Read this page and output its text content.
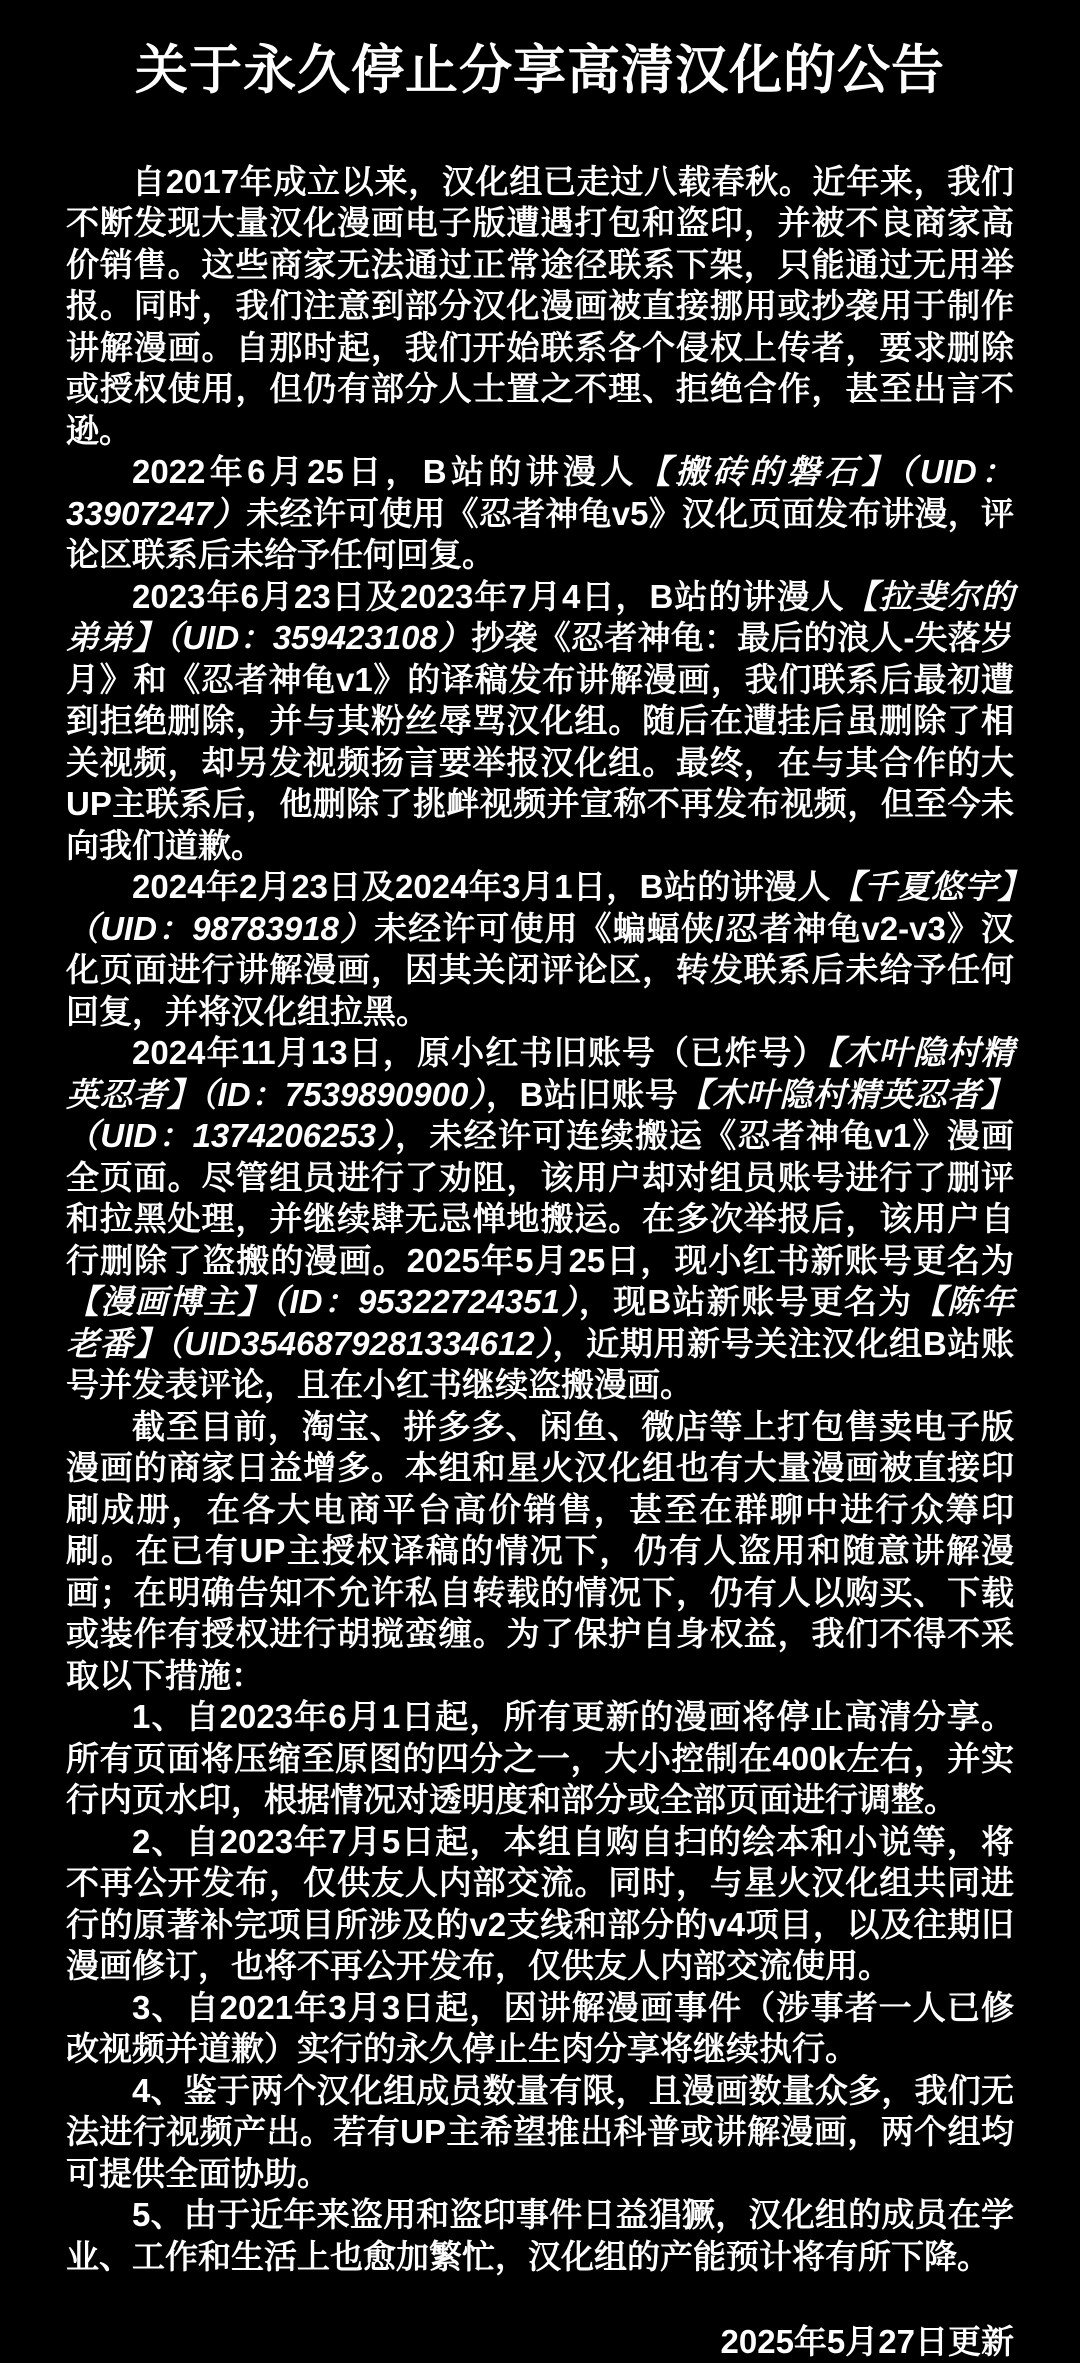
关于永久停止分享高清汉化的公告

自2017年成立以来，汉化组已走过八载春秋。近年来，我们不断发现大量汉化漫画电子版遭遇打包和盗印，并被不良商家高价销售。这些商家无法通过正常途径联系下架，只能通过无用举报。同时，我们注意到部分汉化漫画被直接挪用或抄袭用于制作讲解漫画。自那时起，我们开始联系各个侵权上传者，要求删除或授权使用，但仍有部分人士置之不理、拒绝合作，甚至出言不逊。

2022年6月25日，B站的讲漫人【搬砖的磐石】（UID：33907247）未经许可使用《忍者神龟v5》汉化页面发布讲漫，评论区联系后未给予任何回复。

2023年6月23日及2023年7月4日，B站的讲漫人【拉斐尔的弟弟】（UID：359423108）抄袭《忍者神龟：最后的浪人-失落岁月》和《忍者神龟v1》的译稿发布讲解漫画，我们联系后最初遭到拒绝删除，并与其粉丝辱骂汉化组。随后在遭挂后虽删除了相关视频，却另发视频扬言要举报汉化组。最终，在与其合作的大UP主联系后，他删除了挑衅视频并宣称不再发布视频，但至今未向我们道歉。

2024年2月23日及2024年3月1日，B站的讲漫人【千夏悠宇】（UID：98783918）未经许可使用《蝙蝠侠/忍者神龟v2-v3》汉化页面进行讲解漫画，因其关闭评论区，转发联系后未给予任何回复，并将汉化组拉黑。

2024年11月13日，原小红书旧账号（已炸号）【木叶隐村精英忍者】（ID：7539890900），B站旧账号【木叶隐村精英忍者】（UID：1374206253），未经许可连续搬运《忍者神龟v1》漫画全页面。尽管组员进行了劝阻，该用户却对组员账号进行了删评和拉黑处理，并继续肆无忌惮地搬运。在多次举报后，该用户自行删除了盗搬的漫画。2025年5月25日，现小红书新账号更名为【漫画博主】（ID：95322724351），现B站新账号更名为【陈年老番】（UID3546879281334612），近期用新号关注汉化组B站账号并发表评论，且在小红书继续盗搬漫画。

截至目前，淘宝、拼多多、闲鱼、微店等上打包售卖电子版漫画的商家日益增多。本组和星火汉化组也有大量漫画被直接印刷成册，在各大电商平台高价销售，甚至在群聊中进行众筹印刷。在已有UP主授权译稿的情况下，仍有人盗用和随意讲解漫画；在明确告知不允许私自转载的情况下，仍有人以购买、下载或装作有授权进行胡搅蛮缠。为了保护自身权益，我们不得不采取以下措施：

1、自2023年6月1日起，所有更新的漫画将停止高清分享。所有页面将压缩至原图的四分之一，大小控制在400k左右，并实行内页水印，根据情况对透明度和部分或全部页面进行调整。

2、自2023年7月5日起，本组自购自扫的绘本和小说等，将不再公开发布，仅供友人内部交流。同时，与星火汉化组共同进行的原著补完项目所涉及的v2支线和部分的v4项目，以及往期旧漫画修订，也将不再公开发布，仅供友人内部交流使用。

3、自2021年3月3日起，因讲解漫画事件（涉事者一人已修改视频并道歉）实行的永久停止生肉分享将继续执行。

4、鉴于两个汉化组成员数量有限，且漫画数量众多，我们无法进行视频产出。若有UP主希望推出科普或讲解漫画，两个组均可提供全面协助。

5、由于近年来盗用和盗印事件日益猖獗，汉化组的成员在学业、工作和生活上也愈加繁忙，汉化组的产能预计将有所下降。

2025年5月27日更新
